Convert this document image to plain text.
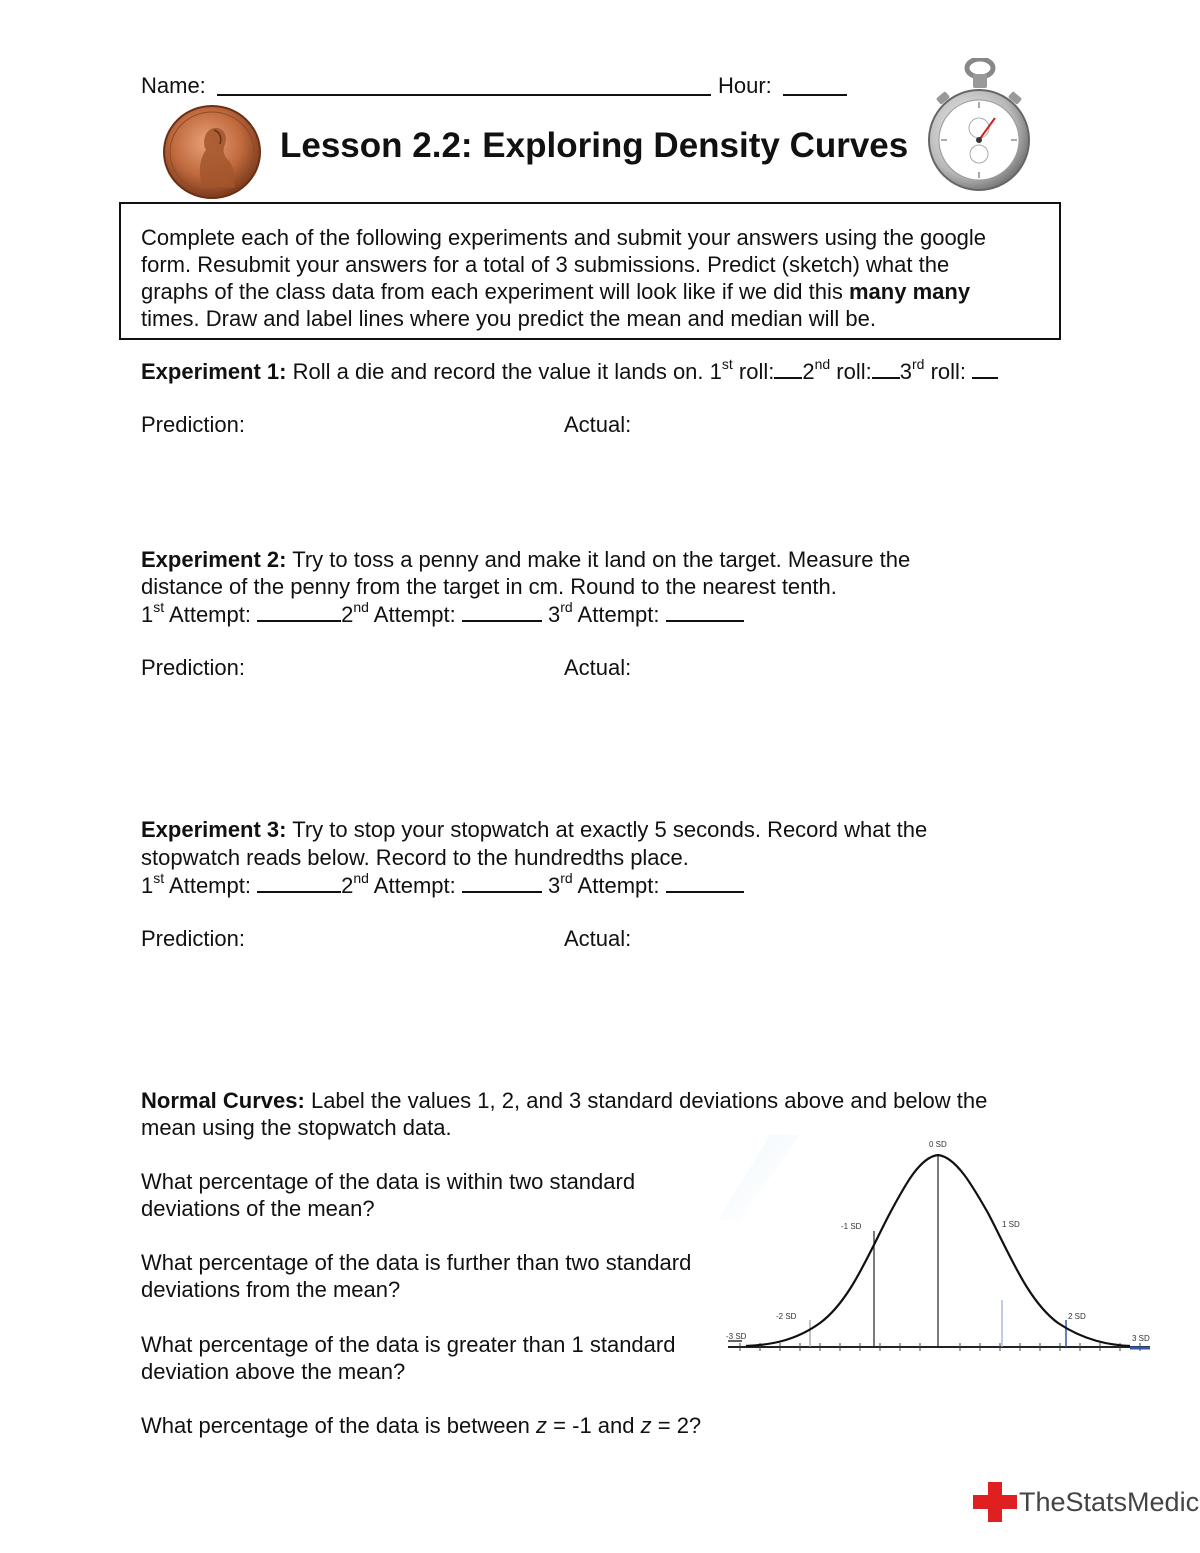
Name:	Hour:
Lesson 2.2: Exploring Density Curves
Complete each of the following experiments and submit your answers using the google
form. Resubmit your answers for a total of 3 submissions. Predict (sketch) what the
graphs of the class data from each experiment will look like if we did this many many
times. Draw and label lines where you predict the mean and median will be.
Experiment 1: Roll a die and record the value it lands on. 1st roll: 2nd roll: 3rd roll:
Prediction:	Actual:
Experiment 2: Try to toss a penny and make it land on the target. Measure the
distance of the penny from the target in cm. Round to the nearest tenth.
1st Attempt:	2nd Attempt:	3rd Attempt:
Prediction:	Actual:
Experiment 3: Try to stop your stopwatch at exactly 5 seconds. Record what the
stopwatch reads below. Record to the hundredths place.
1st Attempt:	2nd Attempt:	3rd Attempt:
Prediction:	Actual:
Normal Curves: Label the values 1, 2, and 3 standard deviations above and below the
mean using the stopwatch data.
What percentage of the data is within two standard
deviations of the mean?
What percentage of the data is further than two standard
deviations from the mean?
What percentage of the data is greater than 1 standard
deviation above the mean?
What percentage of the data is between z = -1 and z = 2?
-3 SD
-2 SD
-1 SD
0 SD
1 SD
2 SD
3 SD
TheStatsMedic
